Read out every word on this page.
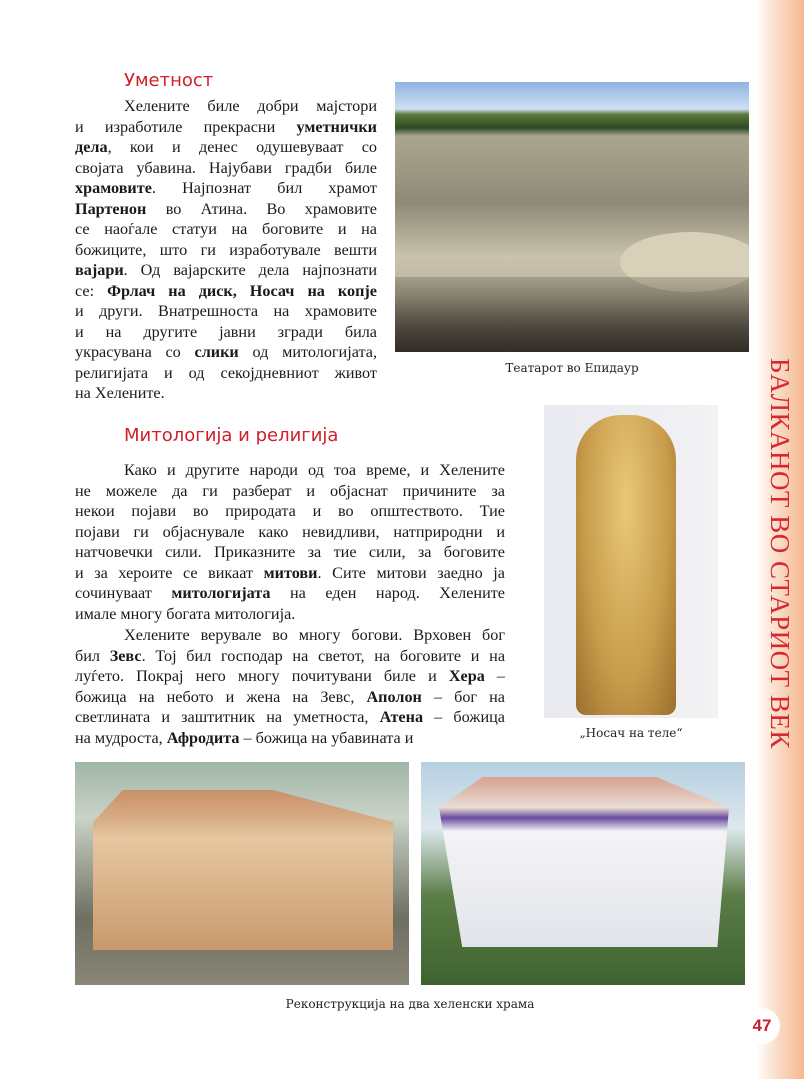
БАЛКАНОТ ВО СТАРИОТ ВЕК
47
Уметност
Хелените биле добри мајстори
и изработиле прекрасни уметнички
дела, кои и денес одушевуваат со
својата убавина. Најубави градби биле
храмовите. Најпознат бил храмот
Партенон во Атина. Во храмовите
се наоѓале статуи на боговите и на
божиците, што ги изработувале вешти
вајари. Од вајарските дела најпознати
се: Фрлач на диск, Носач на копје
и други. Внатрешноста на храмовите
и на другите јавни згради била
украсувана со слики од митологијата,
религијата и од секојдневниот живот
на Хелените.
Митологија и религија
Како и другите народи од тоа време, и Хелените
не можеле да ги разберат и објаснат причините за
некои појави во природата и во општеството. Тие
појави ги објаснувале како невидливи, натприродни и
натчовечки сили. Приказните за тие сили, за боговите
и за хероите се викаат митови. Сите митови заедно ја
сочинуваат митологијата на еден народ. Хелените
имале многу богата митологија.
Хелените верувале во многу богови. Врховен бог
бил Зевс. Тој бил господар на светот, на боговите и на
луѓето. Покрај него многу почитувани биле и Хера –
божица на небото и жена на Зевс, Аполон – бог на
светлината и заштитник на уметноста, Атена – божица
на мудроста, Афродита – божица на убавината и
Театарот во Епидаур
„Носач на теле“
Реконструкција на два хеленски храма
